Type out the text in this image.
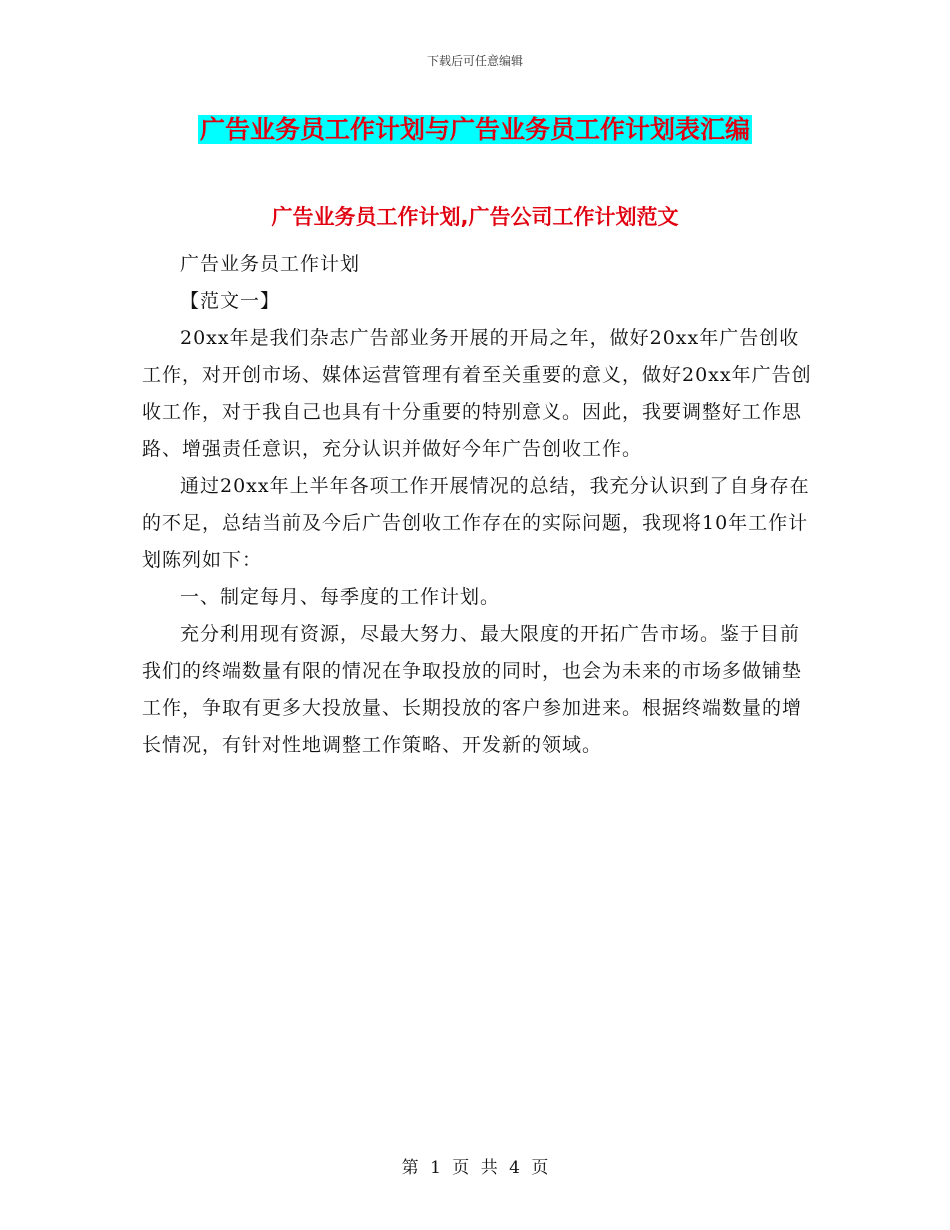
下载后可任意编辑
广告业务员工作计划与广告业务员工作计划表汇编
广告业务员工作计划,广告公司工作计划范文

广告业务员工作计划

【范文一】

20xx年是我们杂志广告部业务开展的开局之年，做好20xx年广告创收工作，对开创市场、媒体运营管理有着至关重要的意义，做好20xx年广告创收工作，对于我自己也具有十分重要的特别意义。因此，我要调整好工作思路、增强责任意识，充分认识并做好今年广告创收工作。

通过20xx年上半年各项工作开展情况的总结，我充分认识到了自身存在的不足，总结当前及今后广告创收工作存在的实际问题，我现将10年工作计划陈列如下：

一、制定每月、每季度的工作计划。

充分利用现有资源，尽最大努力、最大限度的开拓广告市场。鉴于目前我们的终端数量有限的情况在争取投放的同时，也会为未来的市场多做铺垫工作，争取有更多大投放量、长期投放的客户参加进来。根据终端数量的增长情况，有针对性地调整工作策略、开发新的领域。

第 1 页 共 4 页
